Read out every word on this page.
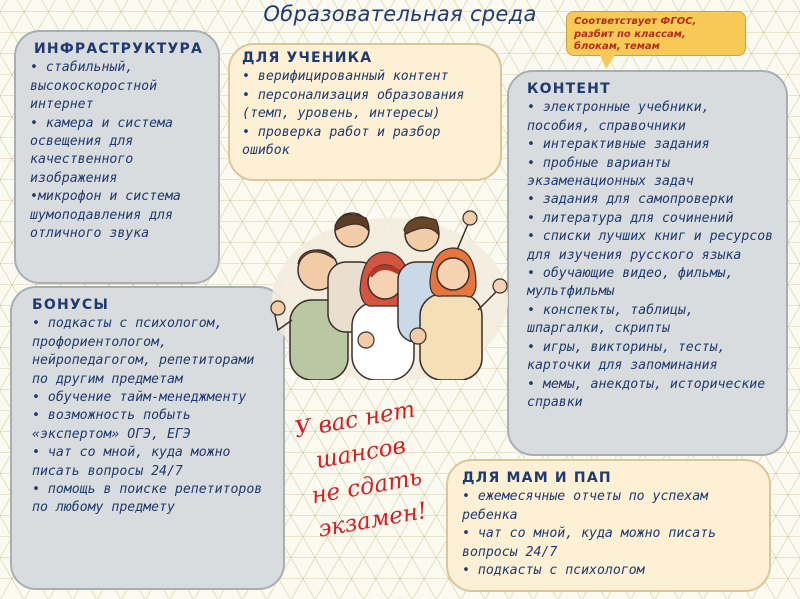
Образовательная среда	Соответствует ФГОС,
разбит по классам,
блокам, темам
ИНФРАСТРУКТУРА
• стабильный, высокоскоростной интернет
• камера и система освещения для качественного изображения
•микрофон и система шумоподавления для отличного звука
ДЛЯ УЧЕНИКА
• верифицированный контент
• персонализация образования (темп, уровень, интересы)
• проверка работ и разбор ошибок
КОНТЕНТ
• электронные учебники, пособия, справочники
• интерактивные задания
• пробные варианты экзаменационных задач
• задания для самопроверки
• литература для сочинений
• списки лучших книг и ресурсов для изучения русского языка
• обучающие видео, фильмы, мультфильмы
• конспекты, таблицы, шпаргалки, скрипты
• игры, викторины, тесты, карточки для запоминания
• мемы, анекдоты, исторические справки
БОНУСЫ
• подкасты с психологом, профориентологом, нейропедагогом, репетиторами по другим предметам
• обучение тайм-менеджменту
• возможность побыть «экспертом» ОГЭ, ЕГЭ
• чат со мной, куда можно писать вопросы 24/7
• помощь в поиске репетиторов по любому предмету
ДЛЯ МАМ И ПАП
• ежемесячные отчеты по успехам ребенка
• чат со мной, куда можно писать вопросы 24/7
• подкасты с психологом
У вас нет
шансов
не сдать
экзамен!
